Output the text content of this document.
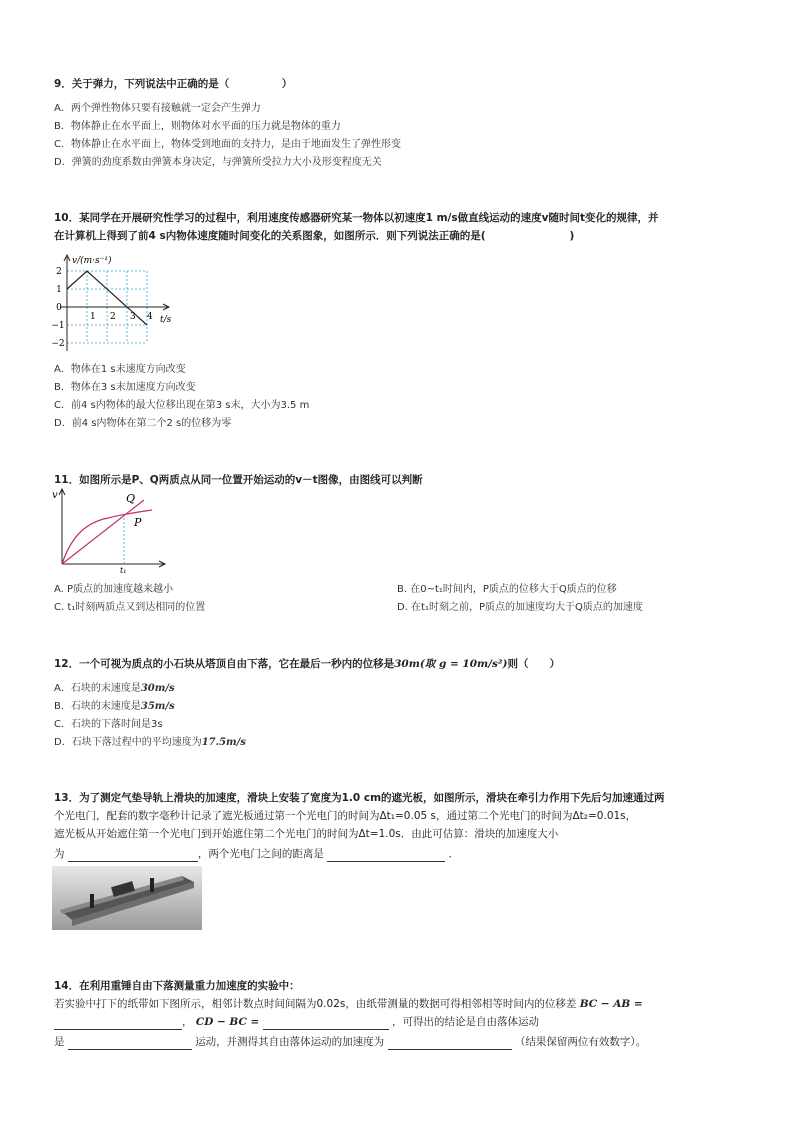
9．关于弹力，下列说法中正确的是（　　　　　）
A．两个弹性物体只要有接触就一定会产生弹力
B．物体静止在水平面上，则物体对水平面的压力就是物体的重力
C．物体静止在水平面上，物体受到地面的支持力，是由于地面发生了弹性形变
D．弹簧的劲度系数由弹簧本身决定，与弹簧所受拉力大小及形变程度无关
10．某同学在开展研究性学习的过程中，利用速度传感器研究某一物体以初速度1 m/s做直线运动的速度v随时间t变化的规律，并
在计算机上得到了前4 s内物体速度随时间变化的关系图象，如图所示．则下列说法正确的是(　　　　　　　　)
v/(m·s⁻¹)
t/s
2
1
0
−1
−2
1 2 3 4
A．物体在1 s末速度方向改变
B．物体在3 s末加速度方向改变
C．前4 s内物体的最大位移出现在第3 s末，大小为3.5 m
D．前4 s内物体在第二个2 s的位移为零
11．如图所示是P、Q两质点从同一位置开始运动的v－t图像，由图线可以判断
v	Q
P
t₁
A. P质点的加速度越来越小	B. 在0~t₁时间内，P质点的位移大于Q质点的位移
C. t₁时刻两质点又到达相同的位置	D. 在t₁时刻之前，P质点的加速度均大于Q质点的加速度
12．一个可视为质点的小石块从塔顶自由下落，它在最后一秒内的位移是30m(取 g = 10m/s²)则（　　）
A．石块的末速度是30m/s
B．石块的末速度是35m/s
C．石块的下落时间是3s
D．石块下落过程中的平均速度为17.5m/s
13．为了测定气垫导轨上滑块的加速度，滑块上安装了宽度为1.0 cm的遮光板，如图所示，滑块在牵引力作用下先后匀加速通过两
个光电门，配套的数字毫秒计记录了遮光板通过第一个光电门的时间为Δt₁=0.05 s，通过第二个光电门的时间为Δt₂=0.01s，
遮光板从开始遮住第一个光电门到开始遮住第二个光电门的时间为Δt=1.0s．由此可估算：滑块的加速度大小
为	，两个光电门之间的距离是	．
14．在利用重锤自由下落测量重力加速度的实验中：
若实验中打下的纸带如下图所示，相邻计数点时间间隔为0.02s，由纸带测量的数据可得相邻相等时间内的位移差 BC − AB =
， CD − BC =	，可得出的结论是自由落体运动
是	运动，并测得其自由落体运动的加速度为	（结果保留两位有效数字）。
